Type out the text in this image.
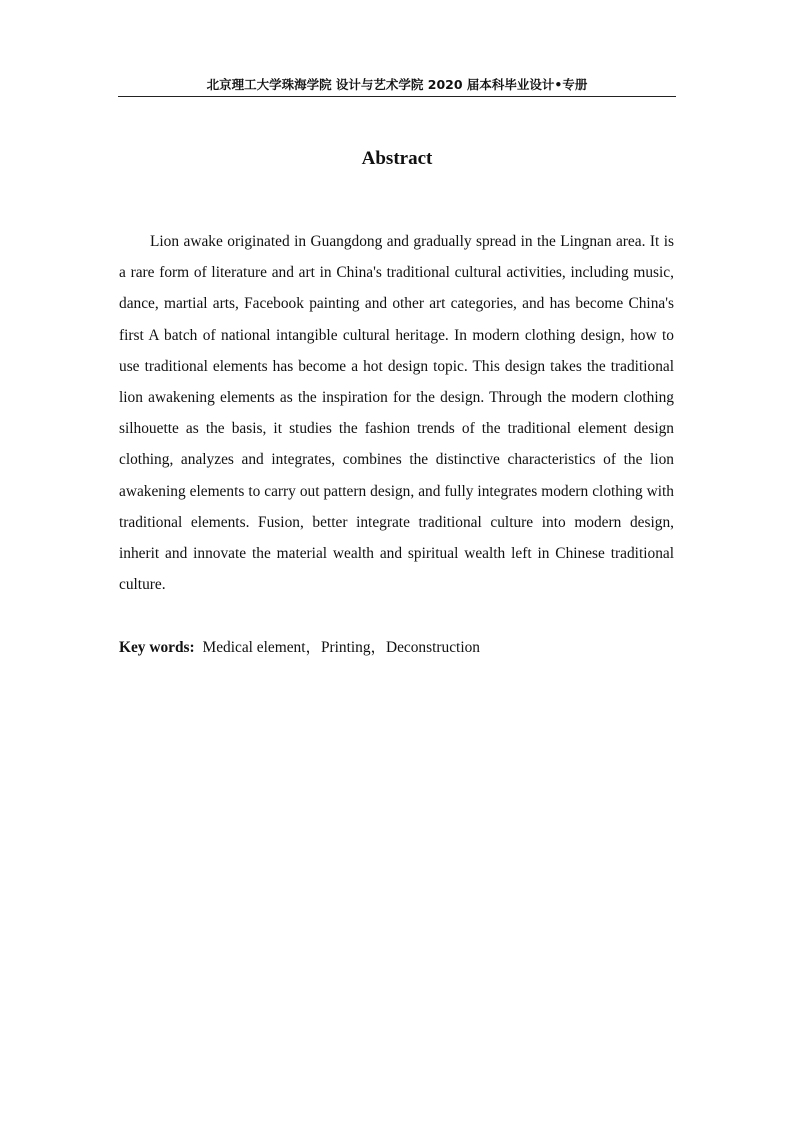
北京理工大学珠海学院 设计与艺术学院 2020 届本科毕业设计•专册
Abstract

Lion awake originated in Guangdong and gradually spread in the Lingnan area. It is a rare form of literature and art in China's traditional cultural activities, including music, dance, martial arts, Facebook painting and other art categories, and has become China's first A batch of national intangible cultural heritage. In modern clothing design, how to use traditional elements has become a hot design topic. This design takes the traditional lion awakening elements as the inspiration for the design. Through the modern clothing silhouette as the basis, it studies the fashion trends of the traditional element design clothing, analyzes and integrates, combines the distinctive characteristics of the lion awakening elements to carry out pattern design, and fully integrates modern clothing with traditional elements. Fusion, better integrate traditional culture into modern design, inherit and innovate the material wealth and spiritual wealth left in Chinese traditional culture.

Key words: Medical element，Printing，Deconstruction
